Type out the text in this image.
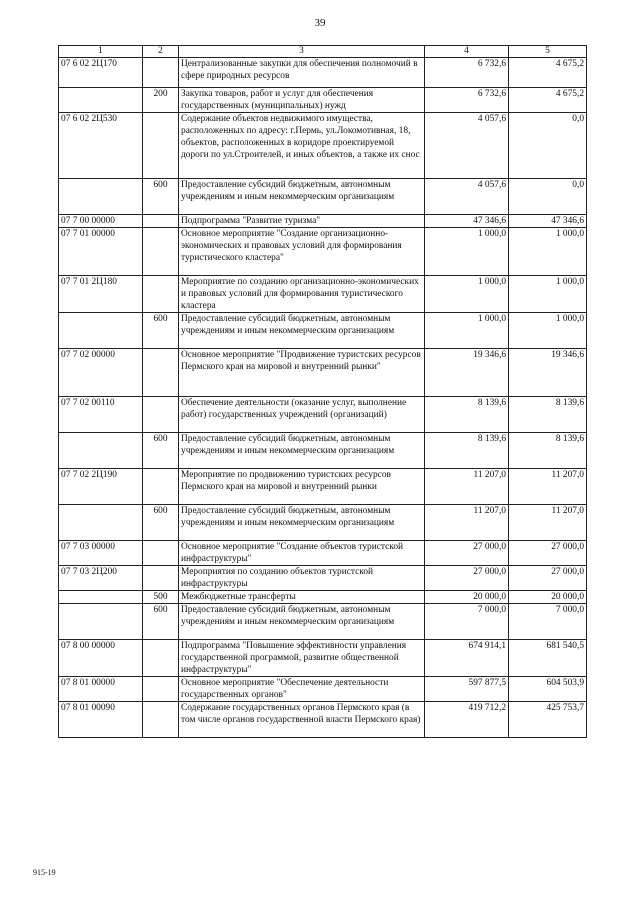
39
1	2	3	4	5
07 6 02 2Ц170		Централизованные закупки для обеспечения полномочий в сфере природных ресурсов	6 732,6	4 675,2
	200	Закупка товаров, работ и услуг для обеспечения государственных (муниципальных) нужд	6 732,6	4 675,2
07 6 02 2Ц530		Содержание объектов недвижимого имущества, расположенных по адресу: г.Пермь, ул.Локомотивная, 18, объектов, расположенных в коридоре проектируемой дороги по ул.Строителей, и иных объектов, а также их снос	4 057,6	0,0
	600	Предоставление субсидий бюджетным, автономным учреждениям и иным некоммерческим организациям	4 057,6	0,0
07 7 00 00000		Подпрограмма "Развитие туризма"	47 346,6	47 346,6
07 7 01 00000		Основное мероприятие "Создание организационно-экономических и правовых условий для формирования туристического кластера"	1 000,0	1 000,0
07 7 01 2Ц180		Мероприятие по созданию организационно-экономических и правовых условий для формирования туристического кластера	1 000,0	1 000,0
	600	Предоставление субсидий бюджетным, автономным учреждениям и иным некоммерческим организациям	1 000,0	1 000,0
07 7 02 00000		Основное мероприятие "Продвижение туристских ресурсов Пермского края на мировой и внутренний рынки"	19 346,6	19 346,6
07 7 02 00110		Обеспечение деятельности (оказание услуг, выполнение работ) государственных учреждений (организаций)	8 139,6	8 139,6
	600	Предоставление субсидий бюджетным, автономным учреждениям и иным некоммерческим организациям	8 139,6	8 139,6
07 7 02 2Ц190		Мероприятие по продвижению туристских ресурсов Пермского края на мировой и внутренний рынки	11 207,0	11 207,0
	600	Предоставление субсидий бюджетным, автономным учреждениям и иным некоммерческим организациям	11 207,0	11 207,0
07 7 03 00000		Основное мероприятие "Создание объектов туристской инфраструктуры"	27 000,0	27 000,0
07 7 03 2Ц200		Мероприятия по созданию объектов туристской инфраструктуры	27 000,0	27 000,0
	500	Межбюджетные трансферты	20 000,0	20 000,0
	600	Предоставление субсидий бюджетным, автономным учреждениям и иным некоммерческим организациям	7 000,0	7 000,0
07 8 00 00000		Подпрограмма "Повышение эффективности управления государственной программой, развитие общественной инфраструктуры"	674 914,1	681 540,5
07 8 01 00000		Основное мероприятие "Обеспечение деятельности государственных органов"	597 877,5	604 503,9
07 8 01 00090		Содержание государственных органов Пермского края (в том числе органов государственной власти Пермского края)	419 712,2	425 753,7
915-19
